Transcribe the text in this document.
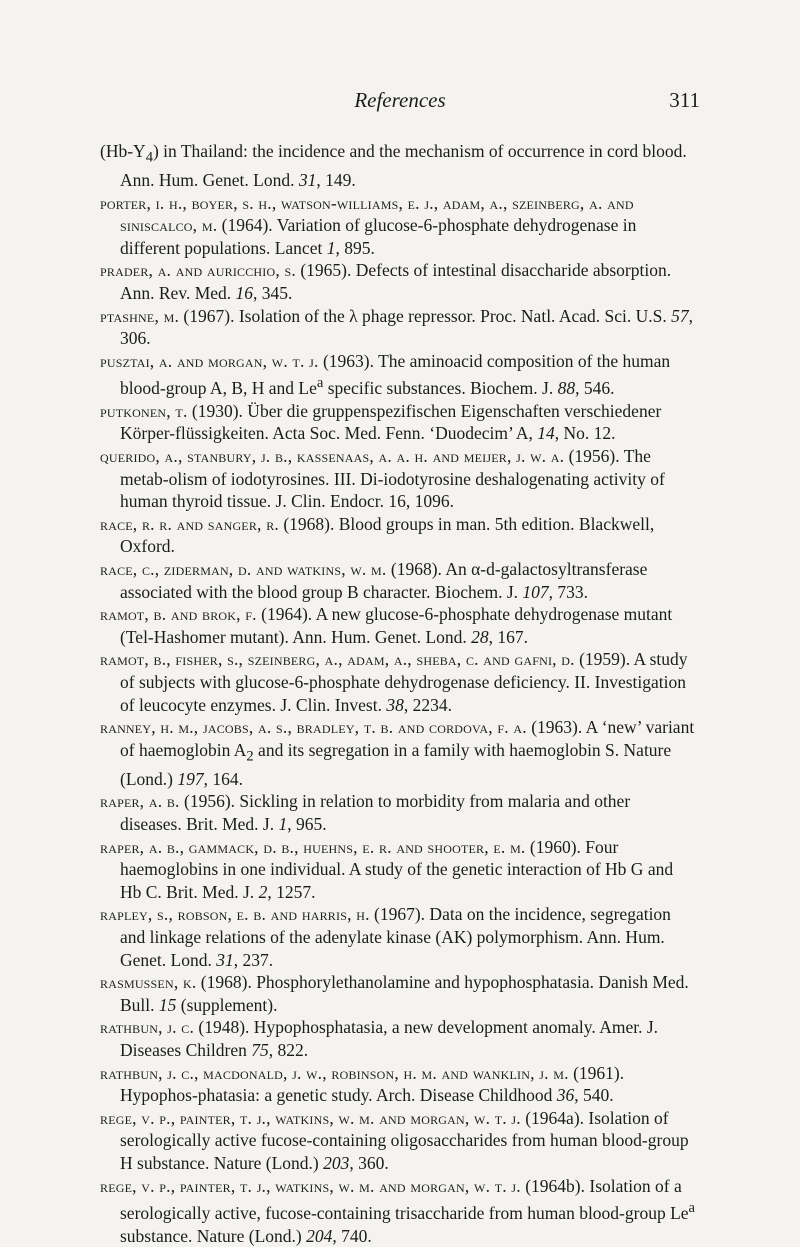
References	311

$(Hb-Y_4)$ in Thailand: the incidence and the mechanism of occurrence in cord blood. Ann. Hum. Genet. Lond. 31, 149.

porter, i. h., boyer, s. h., watson-williams, e. j., adam, a., szeinberg, a. and siniscalco, m. (1964). Variation of glucose-6-phosphate dehydrogenase in different populations. Lancet 1, 895.

prader, a. and auricchio, s. (1965). Defects of intestinal disaccharide absorption. Ann. Rev. Med. 16, 345.

ptashne, m. (1967). Isolation of the λ phage repressor. Proc. Natl. Acad. Sci. U.S. 57, 306.

pusztai, a. and morgan, w. t. j. (1963). The aminoacid composition of the human blood-group A, B, H and Le$^a$ specific substances. Biochem. J. 88, 546.

putkonen, t. (1930). Über die gruppenspezifischen Eigenschaften verschiedener Körper-flüssigkeiten. Acta Soc. Med. Fenn. ‘Duodecim’ A, 14, No. 12.

querido, a., stanbury, j. b., kassenaas, a. a. h. and meijer, j. w. a. (1956). The metab-olism of iodotyrosines. III. Di-iodotyrosine deshalogenating activity of human thyroid tissue. J. Clin. Endocr. 16, 1096.

race, r. r. and sanger, r. (1968). Blood groups in man. 5th edition. Blackwell, Oxford.

race, c., ziderman, d. and watkins, w. m. (1968). An α-d-galactosyltransferase associated with the blood group B character. Biochem. J. 107, 733.

ramot, b. and brok, f. (1964). A new glucose-6-phosphate dehydrogenase mutant (Tel-Hashomer mutant). Ann. Hum. Genet. Lond. 28, 167.

ramot, b., fisher, s., szeinberg, a., adam, a., sheba, c. and gafni, d. (1959). A study of subjects with glucose-6-phosphate dehydrogenase deficiency. II. Investigation of leucocyte enzymes. J. Clin. Invest. 38, 2234.

ranney, h. m., jacobs, a. s., bradley, t. b. and cordova, f. a. (1963). A ‘new’ variant of haemoglobin $A_2$ and its segregation in a family with haemoglobin S. Nature (Lond.) 197, 164.

raper, a. b. (1956). Sickling in relation to morbidity from malaria and other diseases. Brit. Med. J. 1, 965.

raper, a. b., gammack, d. b., huehns, e. r. and shooter, e. m. (1960). Four haemoglobins in one individual. A study of the genetic interaction of Hb G and Hb C. Brit. Med. J. 2, 1257.

rapley, s., robson, e. b. and harris, h. (1967). Data on the incidence, segregation and linkage relations of the adenylate kinase (AK) polymorphism. Ann. Hum. Genet. Lond. 31, 237.

rasmussen, k. (1968). Phosphorylethanolamine and hypophosphatasia. Danish Med. Bull. 15 (supplement).

rathbun, j. c. (1948). Hypophosphatasia, a new development anomaly. Amer. J. Diseases Children 75, 822.

rathbun, j. c., macdonald, j. w., robinson, h. m. and wanklin, j. m. (1961). Hypophos-phatasia: a genetic study. Arch. Disease Childhood 36, 540.

rege, v. p., painter, t. j., watkins, w. m. and morgan, w. t. j. (1964a). Isolation of serologically active fucose-containing oligosaccharides from human blood-group H substance. Nature (Lond.) 203, 360.

rege, v. p., painter, t. j., watkins, w. m. and morgan, w. t. j. (1964b). Isolation of a serologically active, fucose-containing trisaccharide from human blood-group Le$^a$ substance. Nature (Lond.) 204, 740.
